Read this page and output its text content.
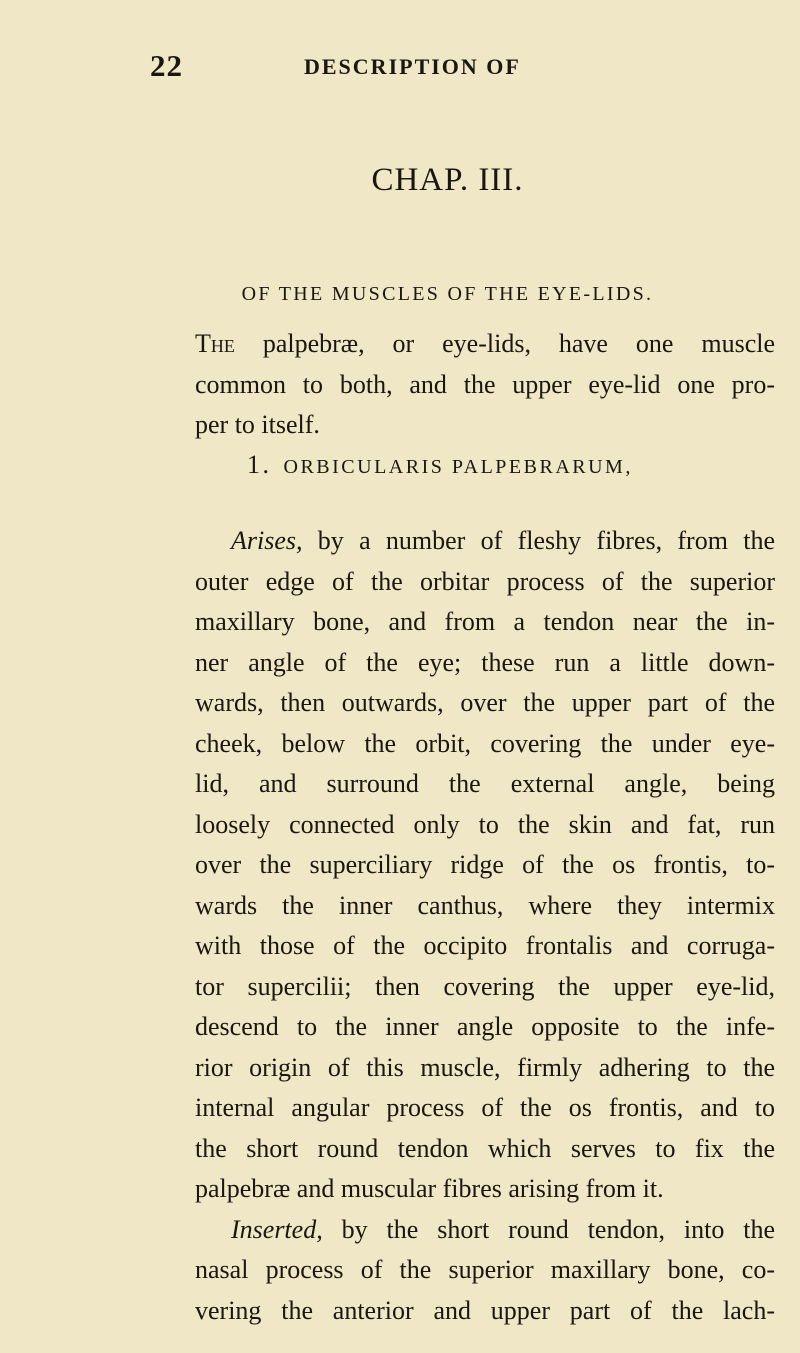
22	DESCRIPTION OF
CHAP. III.
OF THE MUSCLES OF THE EYE-LIDS.
The palpebræ, or eye-lids, have one muscle
common to both, and the upper eye-lid one pro-
per to itself.
1. ORBICULARIS PALPEBRARUM,
Arises, by a number of fleshy fibres, from the
outer edge of the orbitar process of the superior
maxillary bone, and from a tendon near the in-
ner angle of the eye; these run a little down-
wards, then outwards, over the upper part of the
cheek, below the orbit, covering the under eye-
lid, and surround the external angle, being
loosely connected only to the skin and fat, run
over the superciliary ridge of the os frontis, to-
wards the inner canthus, where they intermix
with those of the occipito frontalis and corruga-
tor supercilii; then covering the upper eye-lid,
descend to the inner angle opposite to the infe-
rior origin of this muscle, firmly adhering to the
internal angular process of the os frontis, and to
the short round tendon which serves to fix the
palpebræ and muscular fibres arising from it.
Inserted, by the short round tendon, into the
nasal process of the superior maxillary bone, co-
vering the anterior and upper part of the lach-
